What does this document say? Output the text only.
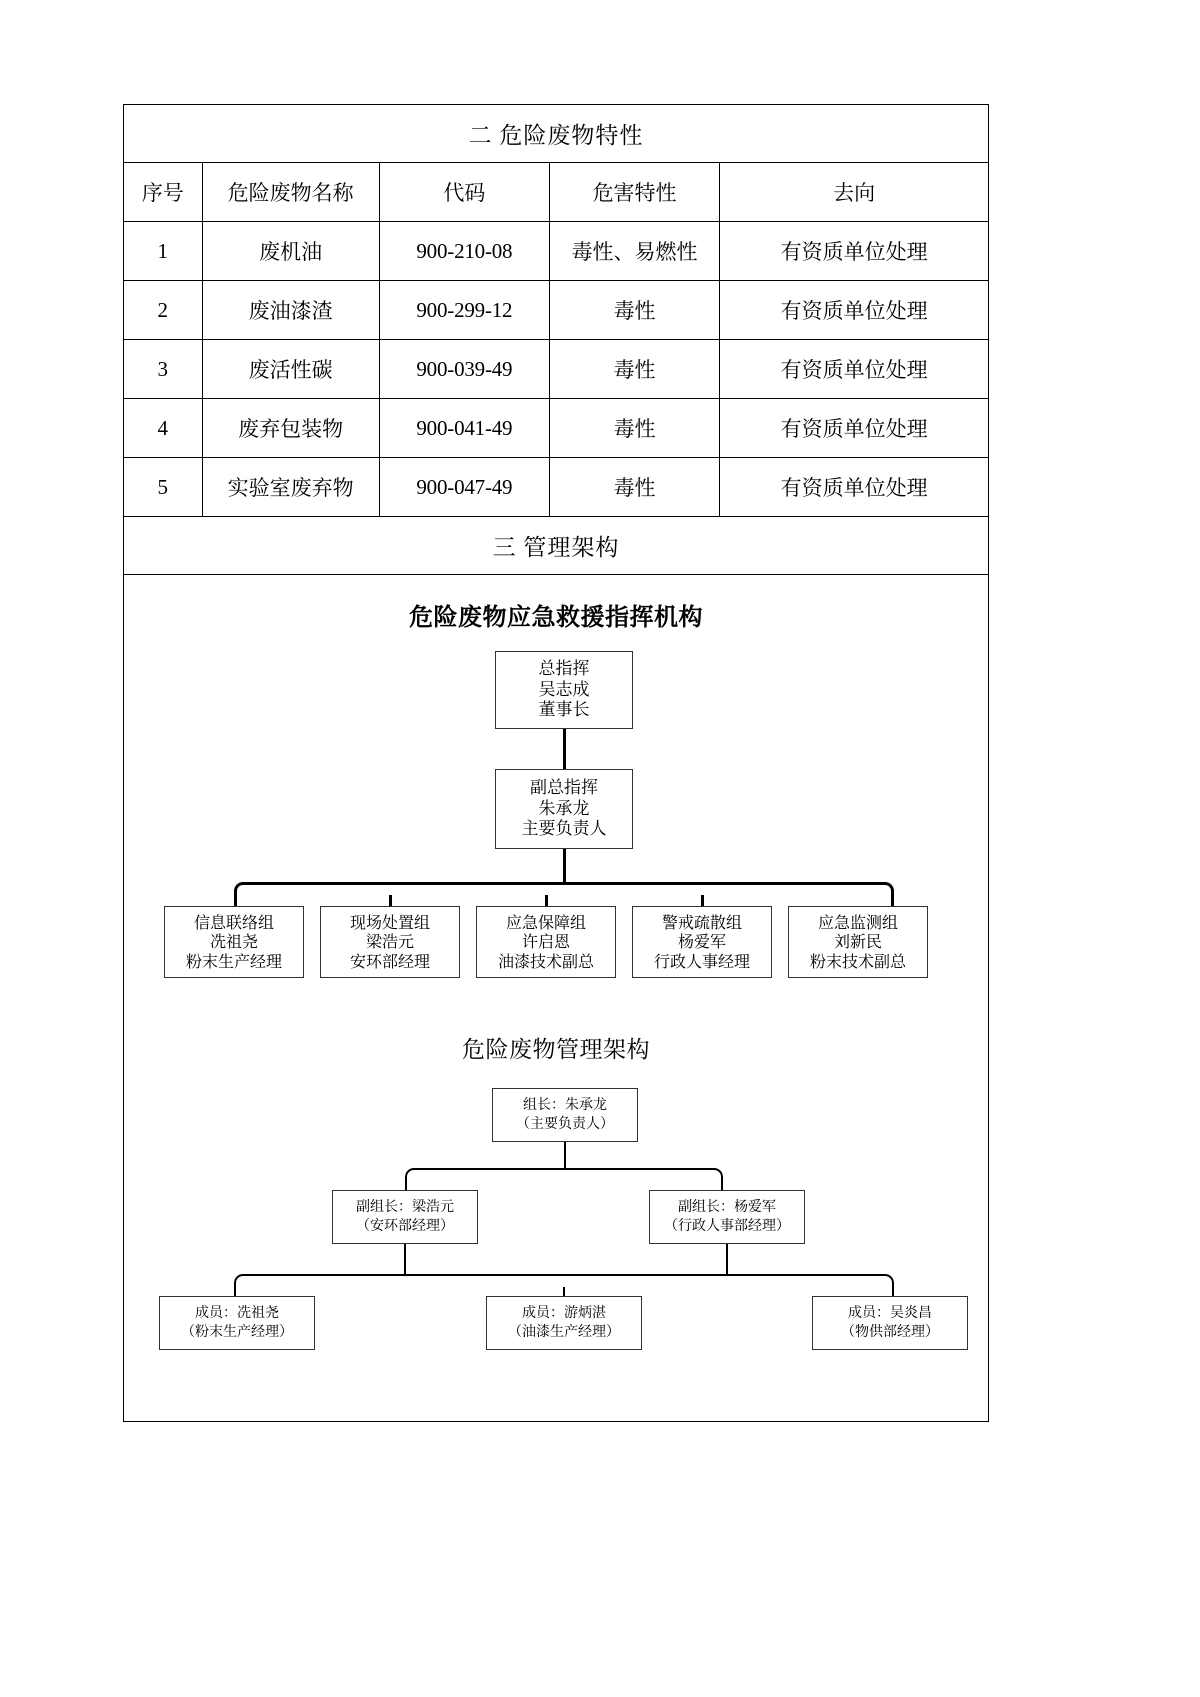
二 危险废物特性
序号	危险废物名称	代码	危害特性	去向
1	废机油	900-210-08	毒性、易燃性	有资质单位处理
2	废油漆渣	900-299-12	毒性	有资质单位处理
3	废活性碳	900-039-49	毒性	有资质单位处理
4	废弃包装物	900-041-49	毒性	有资质单位处理
5	实验室废弃物	900-047-49	毒性	有资质单位处理
三 管理架构
危险废物应急救援指挥机构
总指挥
吴志成
董事长
副总指挥
朱承龙
主要负责人
信息联络组
冼祖尧
粉末生产经理
现场处置组
梁浩元
安环部经理
应急保障组
许启恩
油漆技术副总
警戒疏散组
杨爱军
行政人事经理
应急监测组
刘新民
粉末技术副总
危险废物管理架构
组长：朱承龙
（主要负责人）
副组长：梁浩元
（安环部经理）
副组长：杨爱军
（行政人事部经理）
成员：冼祖尧
（粉末生产经理）
成员：游炳湛
（油漆生产经理）
成员：吴炎昌
（物供部经理）
